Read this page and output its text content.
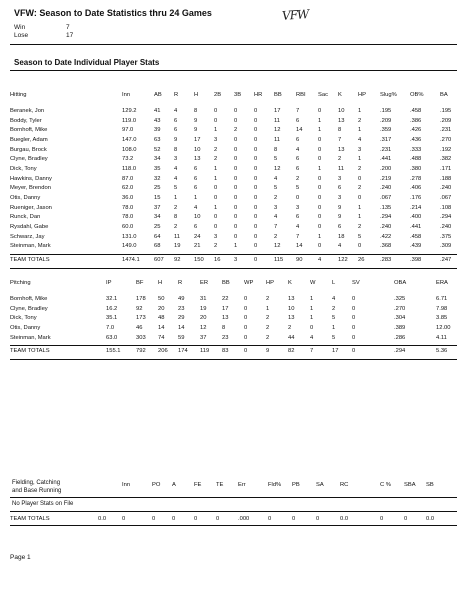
VFW: Season to Date Statistics thru 24 Games	VFW
Win	7
Lose	17
Season to Date Individual Player Stats
Hitting	Inn	AB	R	H	2B	3B	HR	BB	RBI	Sac	K	HP	Slug%	OB%	BA

Beranek, Jon	129.2	41	4	8	0	0	0	17	7	0	10	1	.195	.458	.195
Boddy, Tyler	119.0	43	6	9	0	0	0	11	6	1	13	2	.209	.386	.209
Bornhoft, Mike	97.0	39	6	9	1	2	0	12	14	1	8	1	.359	.426	.231
Buegler, Adam	147.0	63	9	17	3	0	0	11	6	0	7	4	.317	.436	.270
Burgau, Brock	108.0	52	8	10	2	0	0	8	4	0	13	3	.231	.333	.192
Clyne, Bradley	73.2	34	3	13	2	0	0	5	6	0	2	1	.441	.488	.382
Dick, Tony	118.0	35	4	6	1	0	0	12	6	1	11	2	.200	.380	.171
Hawkins, Danny	87.0	32	4	6	1	0	0	4	2	0	3	0	.219	.278	.188
Meyer, Brendon	62.0	25	5	6	0	0	0	5	5	0	6	2	.240	.406	.240
Otis, Danny	36.0	15	1	1	0	0	0	2	0	0	3	0	.067	.176	.067
Rueniger, Jason	78.0	37	2	4	1	0	0	3	3	0	9	1	.135	.214	.108
Runck, Dan	78.0	34	8	10	0	0	0	4	6	0	9	1	.294	.400	.294
Rysdahl, Gabe	60.0	25	2	6	0	0	0	7	4	0	6	2	.240	.441	.240
Schwarz, Jay	131.0	64	11	24	3	0	0	2	7	1	18	5	.422	.458	.375
Steinman, Mark	149.0	68	19	21	2	1	0	12	14	0	4	0	.368	.439	.309

TEAM TOTALS	1474.1	607	92	150	16	3	0	115	90	4	122	26	.283	.398	.247
Pitching	IP	BF	H	R	ER	BB	WP	HP	K	W	L	SV	OBA	ERA

Bornhoft, Mike	32.1	178	50	49	31	22	0	2	13	1	4	0	.325	6.71
Clyne, Bradley	16.2	92	20	23	19	17	0	1	10	1	2	0	.270	7.98
Dick, Tony	35.1	173	48	29	20	13	0	2	13	1	5	0	.304	3.85
Otis, Danny	7.0	46	14	14	12	8	0	2	2	0	1	0	.389	12.00
Steinman, Mark	63.0	303	74	59	37	23	0	2	44	4	5	0	.286	4.11

TEAM TOTALS	155.1	792	206	174	119	83	0	9	82	7	17	0	.294	5.36
Fielding, Catching
and Base Running
	Inn	PO	A	FE	TE	Err	Fld%	PB	SA	RC	C %	SBA	SB	
No Player Stats on File
TEAM TOTALS	0.0	0	0	0	0	0	.000	0	0	0	0.0	0	0	0.0
Page 1
